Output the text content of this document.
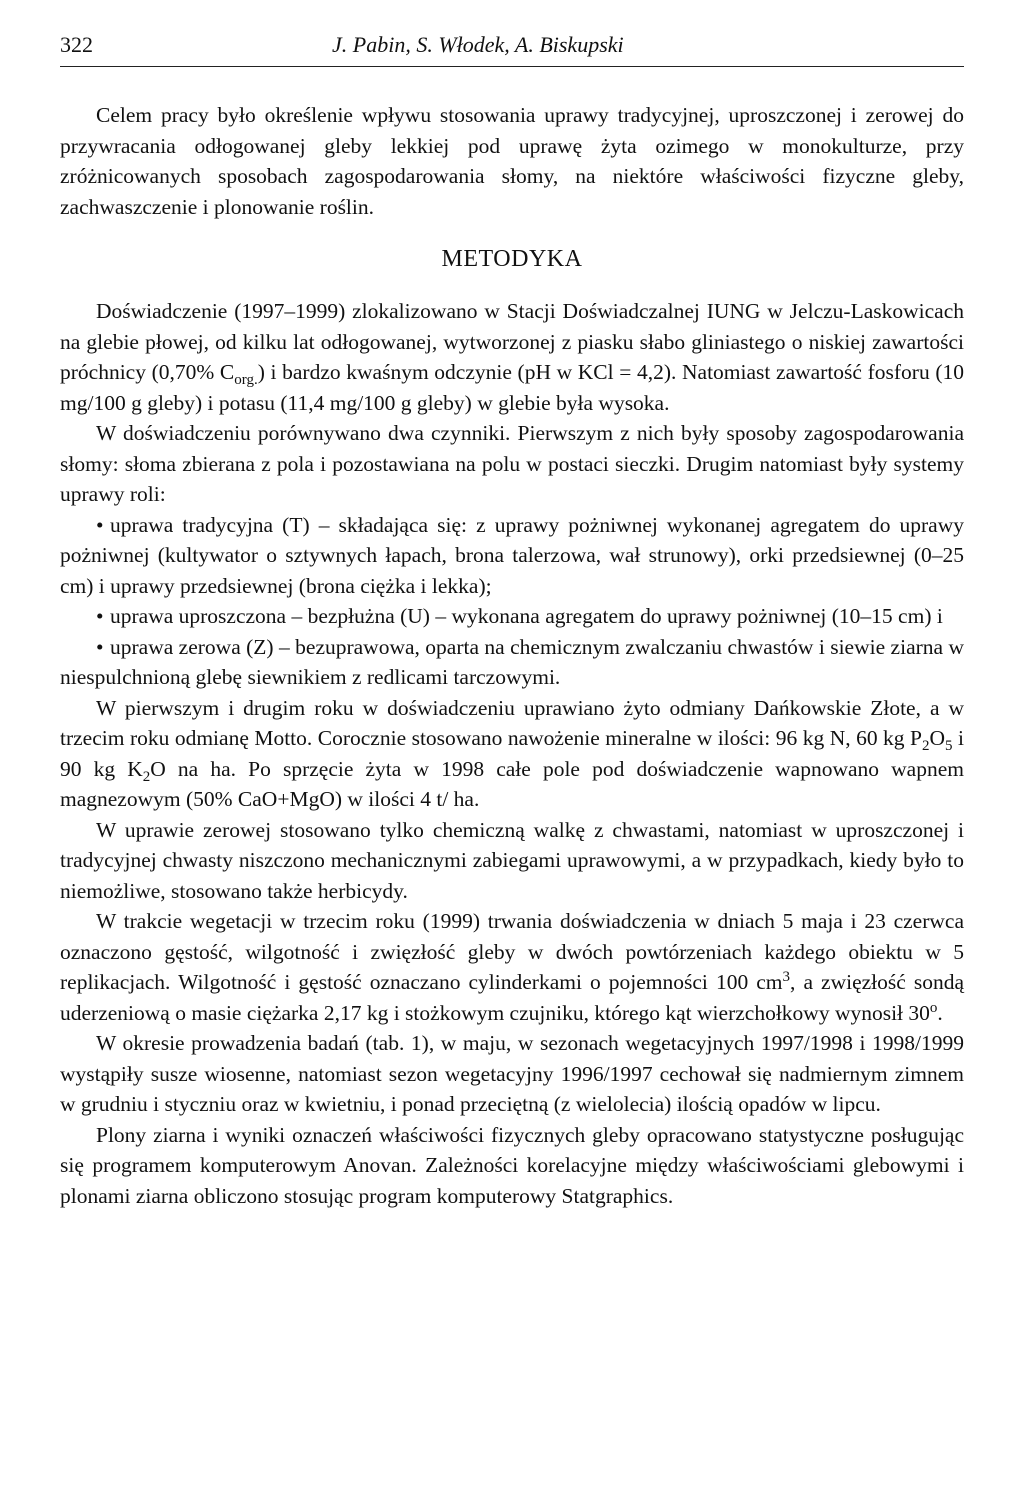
322	J. Pabin, S. Włodek, A. Biskupski

Celem pracy było określenie wpływu stosowania uprawy tradycyjnej, uproszczonej i zerowej do przywracania odłogowanej gleby lekkiej pod uprawę żyta ozimego w monokulturze, przy zróżnicowanych sposobach zagospodarowania słomy, na niektóre właściwości fizyczne gleby, zachwaszczenie i plonowanie roślin.

METODYKA

Doświadczenie (1997–1999) zlokalizowano w Stacji Doświadczalnej IUNG w Jelczu-Laskowicach na glebie płowej, od kilku lat odłogowanej, wytworzonej z piasku słabo gliniastego o niskiej zawartości próchnicy (0,70% $C_{org.}$) i bardzo kwaśnym odczynie (pH w KCl = 4,2). Natomiast zawartość fosforu (10 mg/100 g gleby) i potasu (11,4 mg/100 g gleby) w glebie była wysoka.

W doświadczeniu porównywano dwa czynniki. Pierwszym z nich były sposoby zagospodarowania słomy: słoma zbierana z pola i pozostawiana na polu w postaci sieczki. Drugim natomiast były systemy uprawy roli:

• uprawa tradycyjna (T) – składająca się: z uprawy pożniwnej wykonanej agregatem do uprawy pożniwnej (kultywator o sztywnych łapach, brona talerzowa, wał strunowy), orki przedsiewnej (0–25 cm) i uprawy przedsiewnej (brona ciężka i lekka);

• uprawa uproszczona – bezpłużna (U) – wykonana agregatem do uprawy pożniwnej (10–15 cm) i

• uprawa zerowa (Z) – bezuprawowa, oparta na chemicznym zwalczaniu chwastów i siewie ziarna w niespulchnioną glebę siewnikiem z redlicami tarczowymi.

W pierwszym i drugim roku w doświadczeniu uprawiano żyto odmiany Dańkowskie Złote, a w trzecim roku odmianę Motto. Corocznie stosowano nawożenie mineralne w ilości: 96 kg N, 60 kg $P_2O_5$ i 90 kg $K_2O$ na ha. Po sprzęcie żyta w 1998 całe pole pod doświadczenie wapnowano wapnem magnezowym (50% CaO+MgO) w ilości 4 t/ ha.

W uprawie zerowej stosowano tylko chemiczną walkę z chwastami, natomiast w uproszczonej i tradycyjnej chwasty niszczono mechanicznymi zabiegami uprawowymi, a w przypadkach, kiedy było to niemożliwe, stosowano także herbicydy.

W trakcie wegetacji w trzecim roku (1999) trwania doświadczenia w dniach 5 maja i 23 czerwca oznaczono gęstość, wilgotność i zwięzłość gleby w dwóch powtórzeniach każdego obiektu w 5 replikacjach. Wilgotność i gęstość oznaczano cylinderkami o pojemności 100 $cm^3$, a zwięzłość sondą uderzeniową o masie ciężarka 2,17 kg i stożkowym czujniku, którego kąt wierzchołkowy wynosił 30$^o$.

W okresie prowadzenia badań (tab. 1), w maju, w sezonach wegetacyjnych 1997/1998 i 1998/1999 wystąpiły susze wiosenne, natomiast sezon wegetacyjny 1996/1997 cechował się nadmiernym zimnem w grudniu i styczniu oraz w kwietniu, i ponad przeciętną (z wielolecia) ilością opadów w lipcu.

Plony ziarna i wyniki oznaczeń właściwości fizycznych gleby opracowano statystyczne posługując się programem komputerowym Anovan. Zależności korelacyjne między właściwościami glebowymi i plonami ziarna obliczono stosując program komputerowy Statgraphics.
